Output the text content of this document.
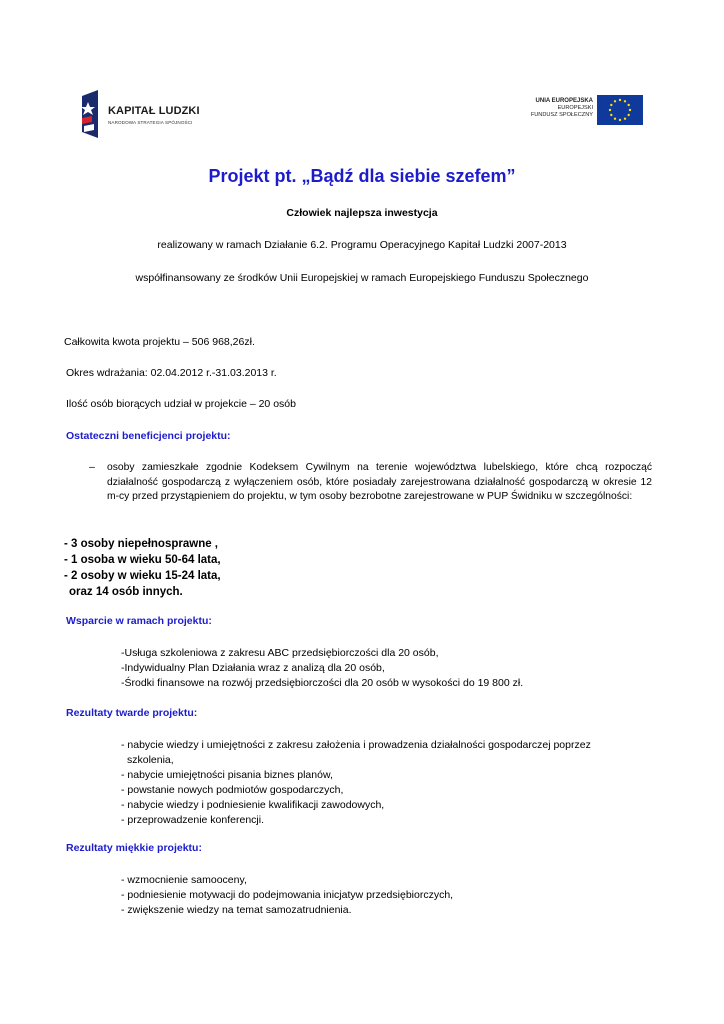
KAPITAŁ LUDZKI
NARODOWA STRATEGIA SPÓJNOŚCI
UNIA EUROPEJSKA
EUROPEJSKI
FUNDUSZ SPOŁECZNY
Projekt pt. „Bądź dla siebie szefem”
Człowiek najlepsza inwestycja
realizowany w ramach Działanie 6.2. Programu Operacyjnego Kapitał Ludzki 2007-2013
współfinansowany ze środków Unii Europejskiej w ramach Europejskiego Funduszu Społecznego
Całkowita kwota projektu – 506 968,26zł.
Okres wdrażania: 02.04.2012 r.-31.03.2013 r.
Ilość osób biorących udział w projekcie – 20 osób
Ostateczni beneficjenci projektu:
– osoby zamieszkałe zgodnie Kodeksem Cywilnym na terenie województwa lubelskiego, które chcą rozpocząć działalność gospodarczą z wyłączeniem osób, które posiadały zarejestrowana działalność gospodarczą w okresie 12 m-cy przed przystąpieniem do projektu, w tym osoby bezrobotne zarejestrowane w PUP Świdniku w szczególności:
- 3 osoby niepełnosprawne ,
- 1 osoba w wieku 50-64 lata,
- 2 osoby w wieku 15-24 lata,
oraz 14 osób innych.
Wsparcie w ramach projektu:
-Usługa szkoleniowa z zakresu ABC przedsiębiorczości dla 20 osób,
-Indywidualny Plan Działania wraz z analizą dla 20 osób,
-Środki finansowe na rozwój przedsiębiorczości dla 20 osób w wysokości do 19 800 zł.
Rezultaty twarde projektu:
- nabycie wiedzy i umiejętności z zakresu założenia i prowadzenia działalności gospodarczej poprzez
szkolenia,
- nabycie umiejętności pisania biznes planów,
- powstanie nowych podmiotów gospodarczych,
- nabycie wiedzy i podniesienie kwalifikacji zawodowych,
- przeprowadzenie konferencji.
Rezultaty miękkie projektu:
- wzmocnienie samooceny,
- podniesienie motywacji do podejmowania inicjatyw przedsiębiorczych,
- zwiększenie wiedzy na temat samozatrudnienia.
